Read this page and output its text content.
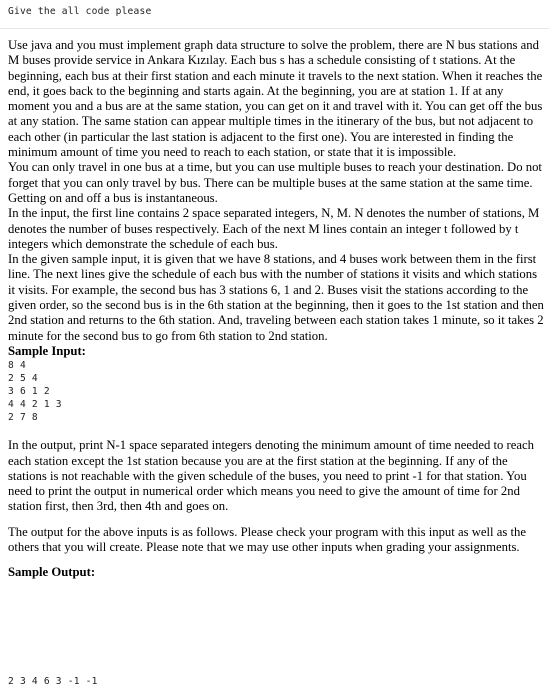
Give the all code please

Use java and you must implement graph data structure to solve the problem, there are N bus stations and M buses provide service in Ankara Kızılay. Each bus s has a schedule consisting of t stations. At the beginning, each bus at their first station and each minute it travels to the next station. When it reaches the end, it goes back to the beginning and starts again. At the beginning, you are at station 1. If at any moment you and a bus are at the same station, you can get on it and travel with it. You can get off the bus at any station. The same station can appear multiple times in the itinerary of the bus, but not adjacent to each other (in particular the last station is adjacent to the first one). You are interested in finding the minimum amount of time you need to reach to each station, or state that it is impossible.

You can only travel in one bus at a time, but you can use multiple buses to reach your destination. Do not forget that you can only travel by bus. There can be multiple buses at the same station at the same time. Getting on and off a bus is instantaneous.

In the input, the first line contains 2 space separated integers, N, M. N denotes the number of stations, M denotes the number of buses respectively. Each of the next M lines contain an integer t followed by t integers which demonstrate the schedule of each bus.

In the given sample input, it is given that we have 8 stations, and 4 buses work between them in the first line. The next lines give the schedule of each bus with the number of stations it visits and which stations it visits. For example, the second bus has 3 stations 6, 1 and 2. Buses visit the stations according to the given order, so the second bus is in the 6th station at the beginning, then it goes to the 1st station and then 2nd station and returns to the 6th station. And, traveling between each station takes 1 minute, so it takes 2 minute for the second bus to go from 6th station to 2nd station.

Sample Input:

8 4
2 5 4
3 6 1 2
4 4 2 1 3
2 7 8

In the output, print N-1 space separated integers denoting the minimum amount of time needed to reach each station except the 1st station because you are at the first station at the beginning. If any of the stations is not reachable with the given schedule of the buses, you need to print -1 for that station. You need to print the output in numerical order which means you need to give the amount of time for 2nd station first, then 3rd, then 4th and goes on.

The output for the above inputs is as follows. Please check your program with this input as well as the others that you will create. Please note that we may use other inputs when grading your assignments.

Sample Output:

2 3 4 6 3 -1 -1
